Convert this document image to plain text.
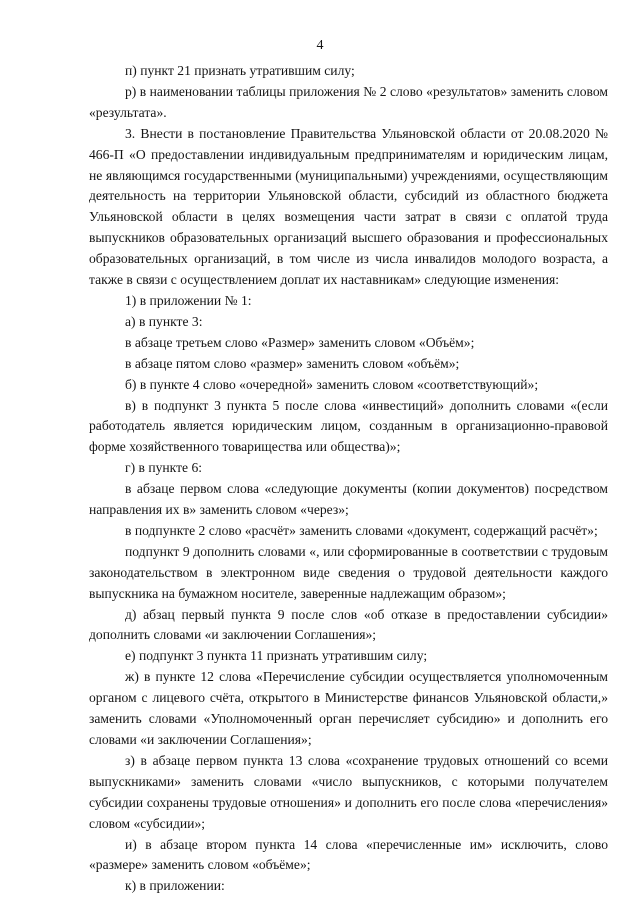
4

п) пункт 21 признать утратившим силу;

р) в наименовании таблицы приложения № 2 слово «результатов» заменить словом «результата».

3. Внести в постановление Правительства Ульяновской области от 20.08.2020 № 466-П «О предоставлении индивидуальным предпринимателям и юридическим лицам, не являющимся государственными (муниципальными) учреждениями, осуществляющим деятельность на территории Ульяновской области, субсидий из областного бюджета Ульяновской области в целях возмещения части затрат в связи с оплатой труда выпускников образовательных организаций высшего образования и профессиональных образовательных организаций, в том числе из числа инвалидов молодого возраста, а также в связи с осуществлением доплат их наставникам» следующие изменения:

1) в приложении № 1:

а) в пункте 3:

в абзаце третьем слово «Размер» заменить словом «Объём»;

в абзаце пятом слово «размер» заменить словом «объём»;

б) в пункте 4 слово «очередной» заменить словом «соответствующий»;

в) в подпункт 3 пункта 5 после слова «инвестиций» дополнить словами «(если работодатель является юридическим лицом, созданным в организационно-правовой форме хозяйственного товарищества или общества)»;

г) в пункте 6:

в абзаце первом слова «следующие документы (копии документов) посредством направления их в» заменить словом «через»;

в подпункте 2 слово «расчёт» заменить словами «документ, содержащий расчёт»;

подпункт 9 дополнить словами «, или сформированные в соответствии с трудовым законодательством в электронном виде сведения о трудовой деятельности каждого выпускника на бумажном носителе, заверенные надлежащим образом»;

д) абзац первый пункта 9 после слов «об отказе в предоставлении субсидии» дополнить словами «и заключении Соглашения»;

е) подпункт 3 пункта 11 признать утратившим силу;

ж) в пункте 12 слова «Перечисление субсидии осуществляется уполномоченным органом с лицевого счёта, открытого в Министерстве финансов Ульяновской области,» заменить словами «Уполномоченный орган перечисляет субсидию» и дополнить его словами «и заключении Соглашения»;

з) в абзаце первом пункта 13 слова «сохранение трудовых отношений со всеми выпускниками» заменить словами «число выпускников, с которыми получателем субсидии сохранены трудовые отношения» и дополнить его после слова «перечисления» словом «субсидии»;

и) в абзаце втором пункта 14 слова «перечисленные им» исключить, слово «размере» заменить словом «объёме»;

к) в приложении:
